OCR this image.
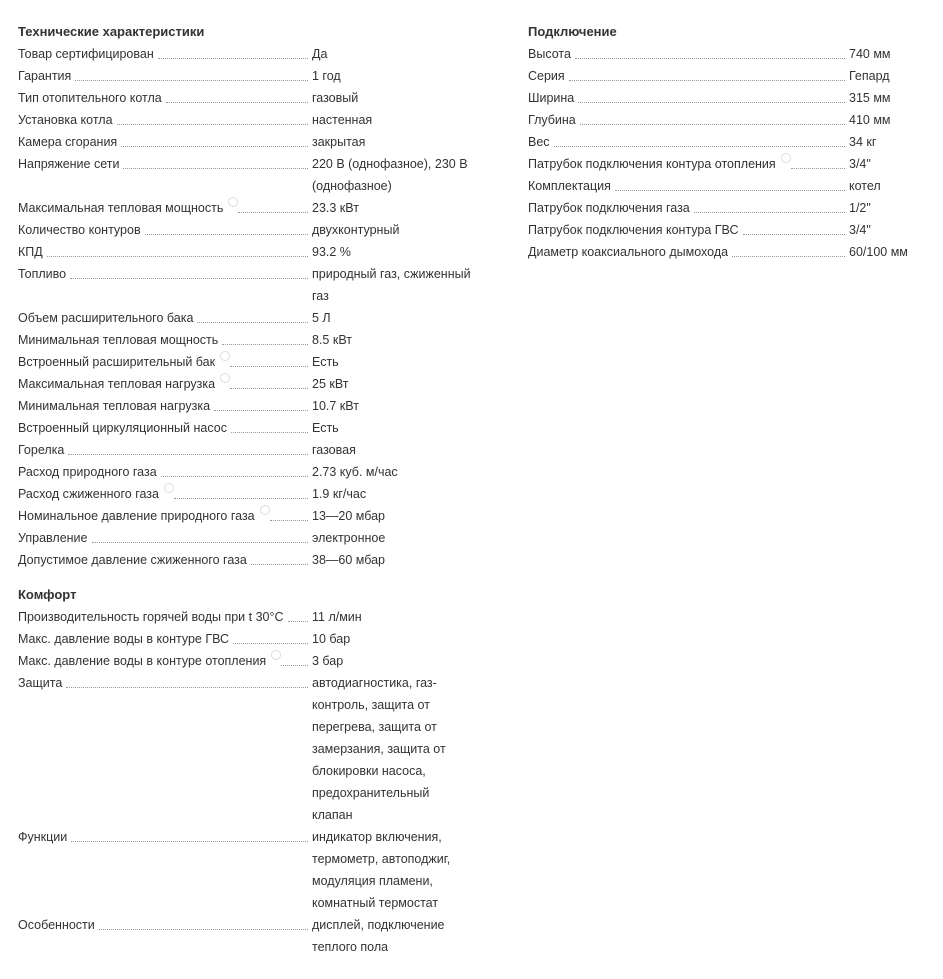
Технические характеристики
Товар сертифицирован	Да
Гарантия	1 год
Тип отопительного котла	газовый
Установка котла	настенная
Камера сгорания	закрытая
Напряжение сети	220 В (однофазное), 230 В (однофазное)
Максимальная тепловая мощность	23.3 кВт
Количество контуров	двухконтурный
КПД	93.2 %
Топливо	природный газ, сжиженный газ
Объем расширительного бака	5 Л
Минимальная тепловая мощность	8.5 кВт
Встроенный расширительный бак	Есть
Максимальная тепловая нагрузка	25 кВт
Минимальная тепловая нагрузка	10.7 кВт
Встроенный циркуляционный насос	Есть
Горелка	газовая
Расход природного газа	2.73 куб. м/час
Расход сжиженного газа	1.9 кг/час
Номинальное давление природного газа	13—20 мбар
Управление	электронное
Допустимое давление сжиженного газа	38—60 мбар
Комфорт
Производительность горячей воды при t 30°C	11 л/мин
Макс. давление воды в контуре ГВС	10 бар
Макс. давление воды в контуре отопления	3 бар
Защита	автодиагностика, газ-контроль, защита от перегрева, защита от замерзания, защита от блокировки насоса, предохранительный клапан
Функции	индикатор включения, термометр, автоподжиг, модуляция пламени, комнатный термостат
Особенности	дисплей, подключение теплого пола
Подключение
Высота	740 мм
Серия	Гепард
Ширина	315 мм
Глубина	410 мм
Вес	34 кг
Патрубок подключения контура отопления	3/4"
Комплектация	котел
Патрубок подключения газа	1/2"
Патрубок подключения контура ГВС	3/4"
Диаметр коаксиального дымохода	60/100 мм
